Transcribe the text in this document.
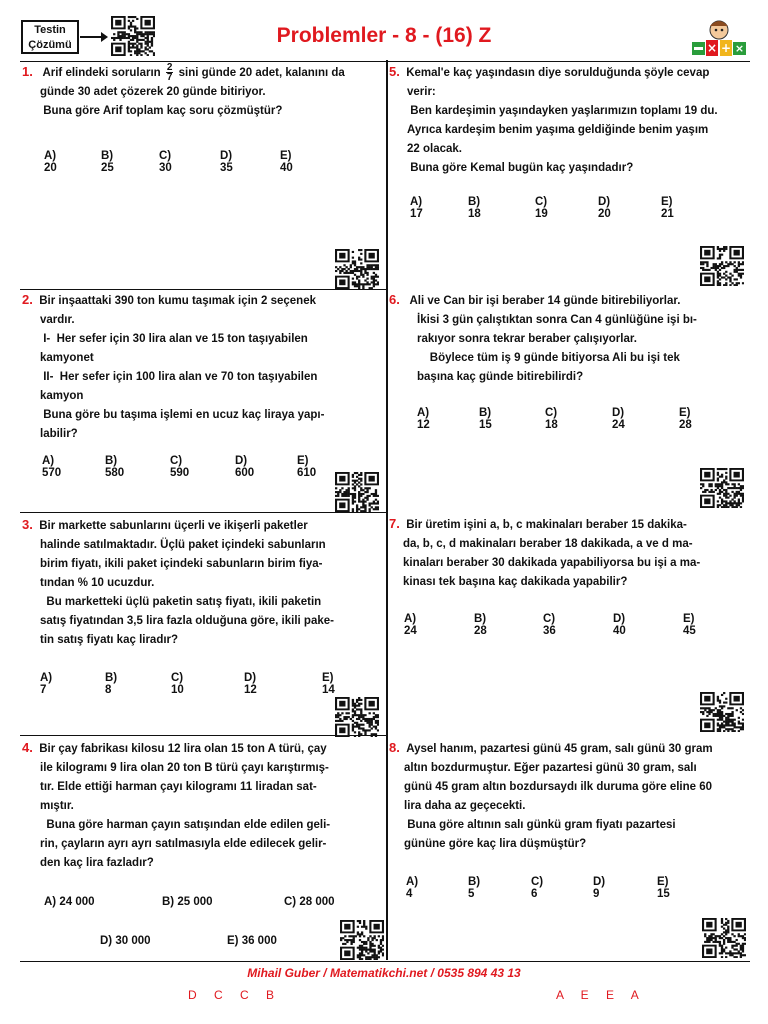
Testin
Çözümü	Problemler - 8 - (16) Z
× + ×
1. Arif elindeki soruların $\frac{2}{7}$ sini günde 20 adet, kalanını da
günde 30 adet çözerek 20 günde bitiriyor.
Buna göre Arif toplam kaç soru çözmüştür?
A) 20
B) 25
C) 30
D) 35
E) 40
2. Bir inşaattaki 390 ton kumu taşımak için 2 seçenek
vardır.
I-  Her sefer için 30 lira alan ve 15 ton taşıyabilen
kamyonet
II-  Her sefer için 100 lira alan ve 70 ton taşıyabilen
kamyon
Buna göre bu taşıma işlemi en ucuz kaç liraya yapı-
labilir?
A) 570
B) 580
C) 590
D) 600
E) 610
3. Bir markette sabunlarını üçerli ve ikişerli paketler
halinde satılmaktadır. Üçlü paket içindeki sabunların
birim fiyatı, ikili paket içindeki sabunların birim fiya-
tından % 10 ucuzdur.
Bu marketteki üçlü paketin satış fiyatı, ikili paketin
satış fiyatından 3,5 lira fazla olduğuna göre, ikili pake-
tin satış fiyatı kaç liradır?
A) 7
B) 8
C) 10
D) 12
E) 14
4. Bir çay fabrikası kilosu 12 lira olan 15 ton A türü, çay
ile kilogramı 9 lira olan 20 ton B türü çayı karıştırmış-
tır. Elde ettiği harman çayı kilogramı 11 liradan sat-
mıştır.
Buna göre harman çayın satışından elde edilen geli-
rin, çayların ayrı ayrı satılmasıyla elde edilecek gelir-
den kaç lira fazladır?
A) 24 000	B) 25 000	C) 28 000
D) 30 000	E) 36 000
5. Kemal'e kaç yaşındasın diye sorulduğunda şöyle cevap
verir:
Ben kardeşimin yaşındayken yaşlarımızın toplamı 19 du.
Ayrıca kardeşim benim yaşıma geldiğinde benim yaşım
22 olacak.
Buna göre Kemal bugün kaç yaşındadır?
A) 17
B) 18
C) 19
D) 20
E) 21
6. Ali ve Can bir işi beraber 14 günde bitirebiliyorlar.
İkisi 3 gün çalıştıktan sonra Can 4 günlüğüne işi bı-
rakıyor sonra tekrar beraber çalışıyorlar.
Böylece tüm iş 9 günde bitiyorsa Ali bu işi tek
başına kaç günde bitirebilirdi?
A) 12
B) 15
C) 18
D) 24
E) 28
7. Bir üretim işini a, b, c makinaları beraber 15 dakika-
da, b, c, d makinaları beraber 18 dakikada, a ve d ma-
kinaları beraber 30 dakikada yapabiliyorsa bu işi a ma-
kinası tek başına kaç dakikada yapabilir?
A) 24
B) 28
C) 36
D) 40
E) 45
8. Aysel hanım, pazartesi günü 45 gram, salı günü 30 gram
altın bozdurmuştur. Eğer pazartesi günü 30 gram, salı
günü 45 gram altın bozdursaydı ilk duruma göre eline 60
lira daha az geçecekti.
Buna göre altının salı günkü gram fiyatı pazartesi
gününe göre kaç lira düşmüştür?
A) 4
B) 5
C) 6
D) 9
E) 15
Mihail Guber / Matematikchi.net / 0535 894 43 13
D C C B	A E E A
